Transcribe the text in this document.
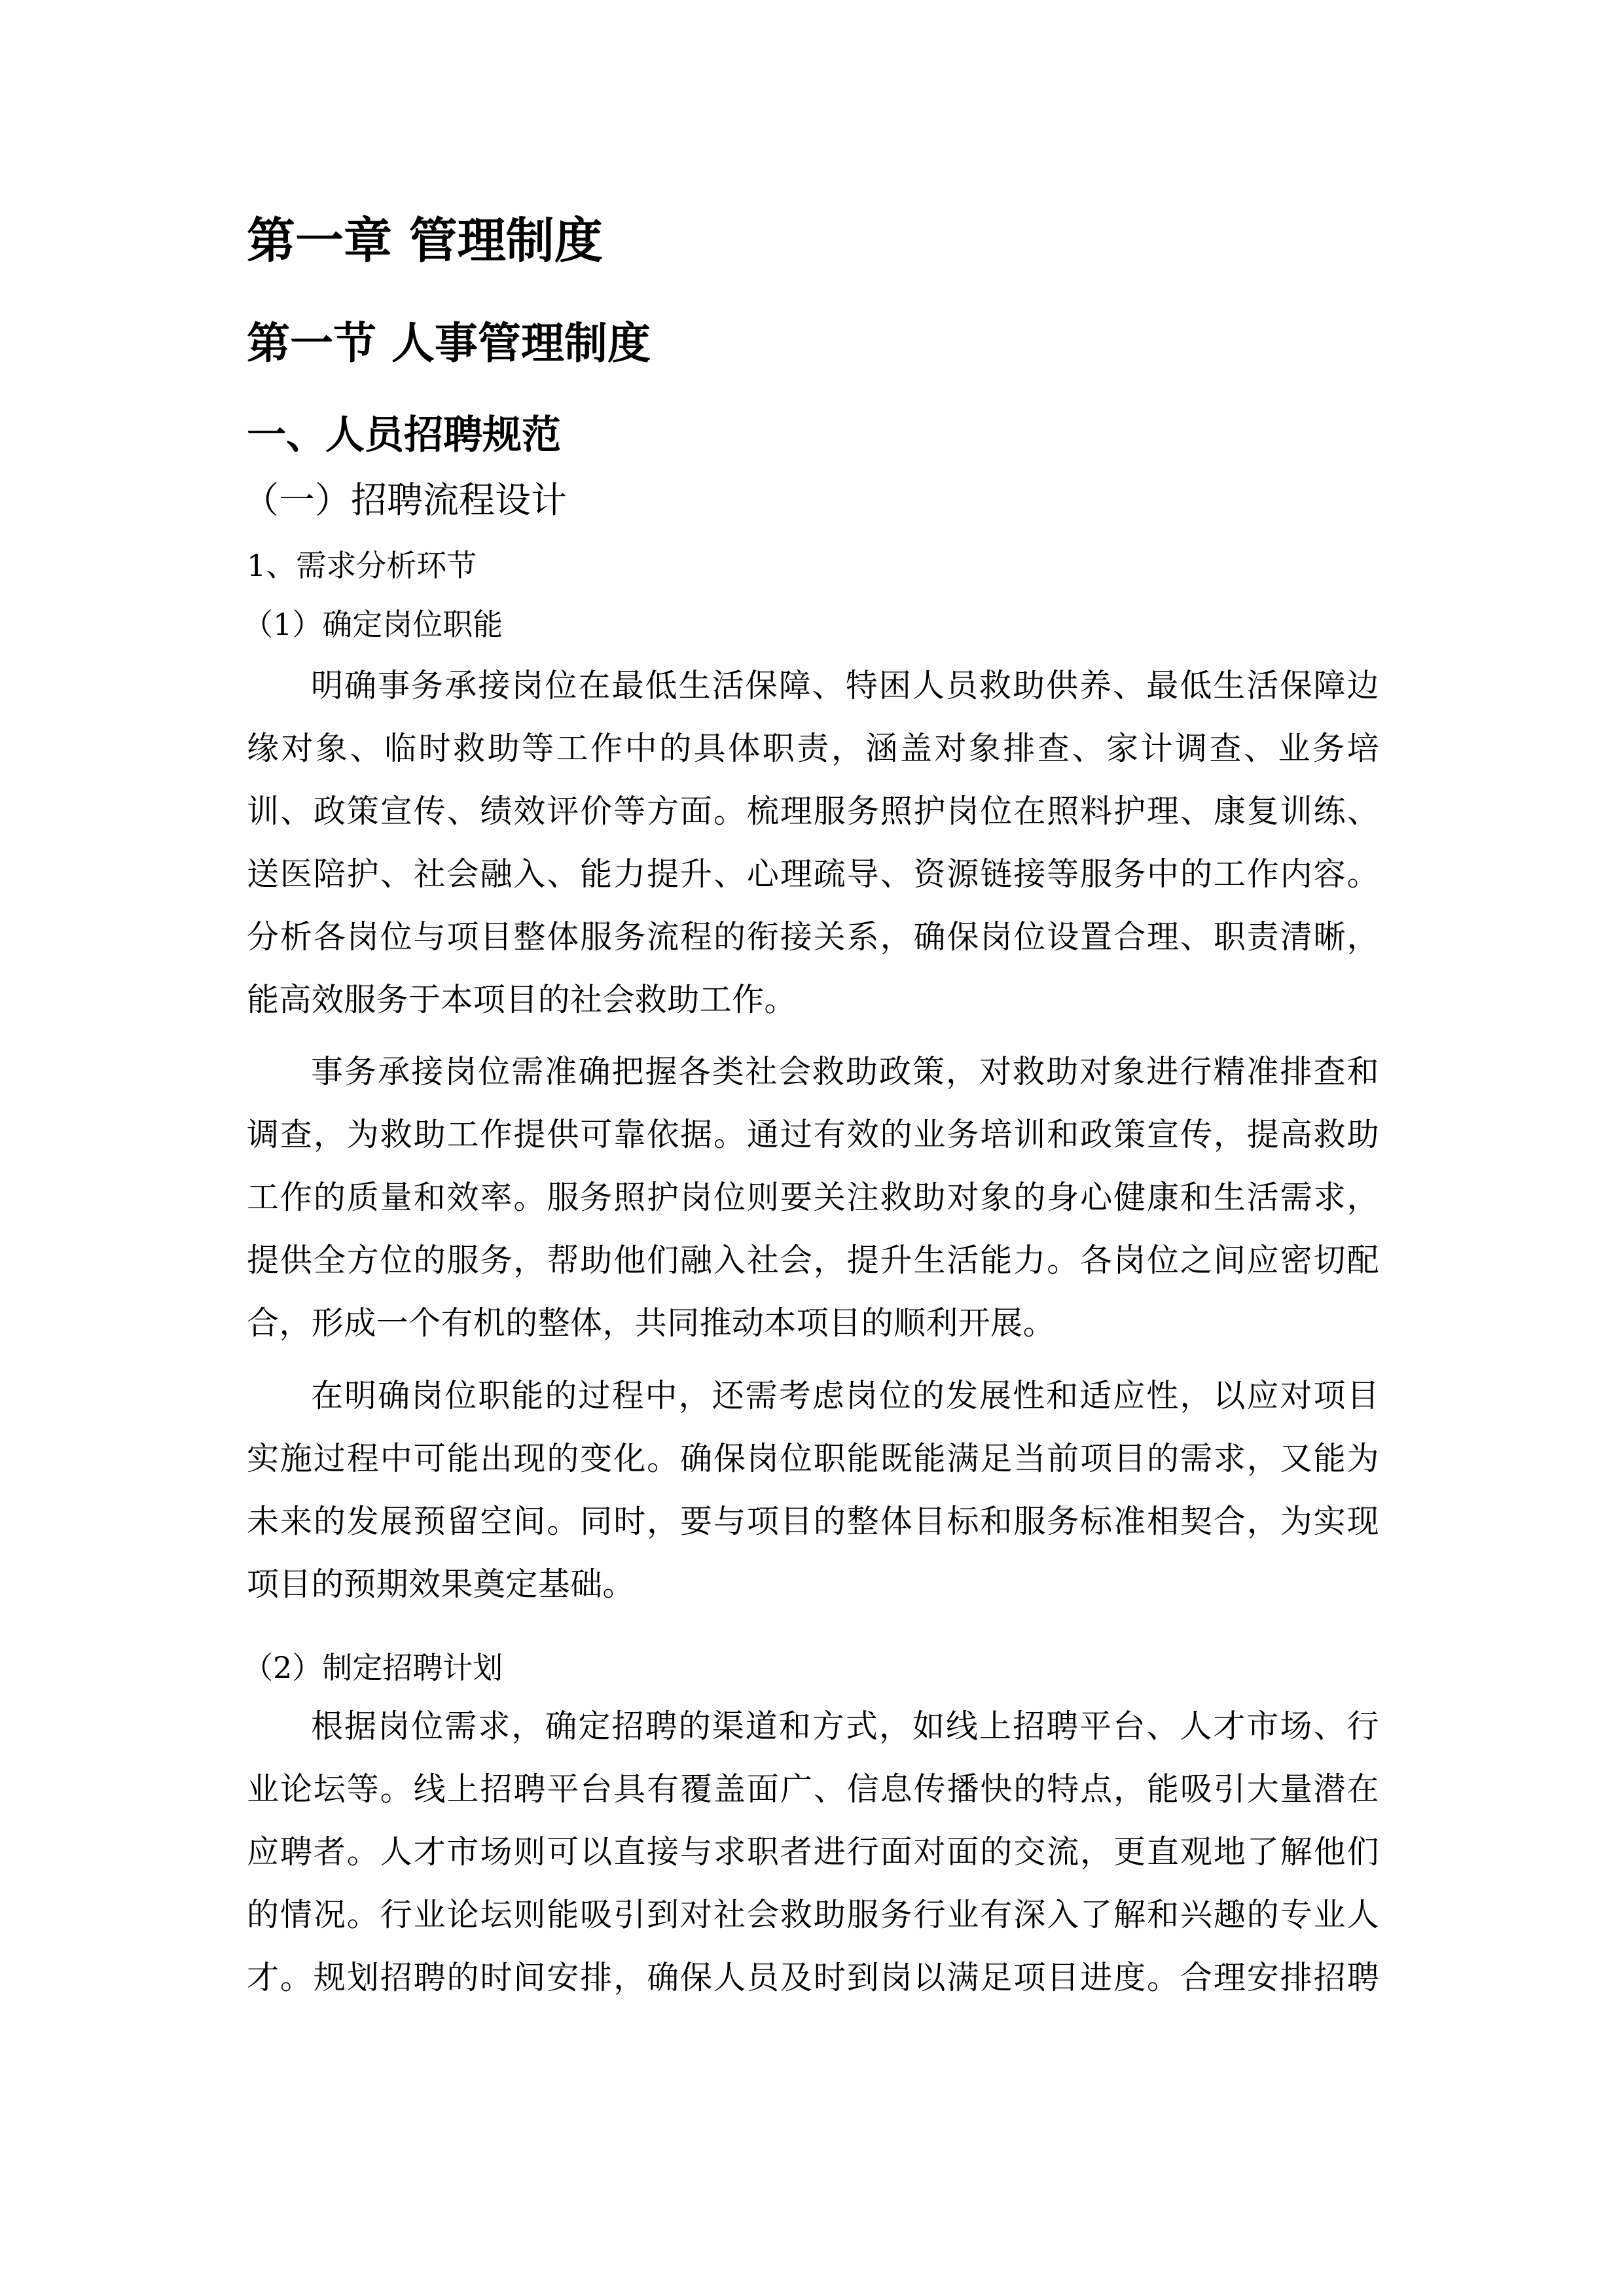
第一章 管理制度
第一节 人事管理制度
一、人员招聘规范
（一）招聘流程设计
1、需求分析环节
（1）确定岗位职能
明确事务承接岗位在最低生活保障、特困人员救助供养、最低生活保障边
缘对象、临时救助等工作中的具体职责，涵盖对象排查、家计调查、业务培
训、政策宣传、绩效评价等方面。梳理服务照护岗位在照料护理、康复训练、
送医陪护、社会融入、能力提升、心理疏导、资源链接等服务中的工作内容。
分析各岗位与项目整体服务流程的衔接关系，确保岗位设置合理、职责清晰，
能高效服务于本项目的社会救助工作。
事务承接岗位需准确把握各类社会救助政策，对救助对象进行精准排查和
调查，为救助工作提供可靠依据。通过有效的业务培训和政策宣传，提高救助
工作的质量和效率。服务照护岗位则要关注救助对象的身心健康和生活需求，
提供全方位的服务，帮助他们融入社会，提升生活能力。各岗位之间应密切配
合，形成一个有机的整体，共同推动本项目的顺利开展。
在明确岗位职能的过程中，还需考虑岗位的发展性和适应性，以应对项目
实施过程中可能出现的变化。确保岗位职能既能满足当前项目的需求，又能为
未来的发展预留空间。同时，要与项目的整体目标和服务标准相契合，为实现
项目的预期效果奠定基础。
（2）制定招聘计划
根据岗位需求，确定招聘的渠道和方式，如线上招聘平台、人才市场、行
业论坛等。线上招聘平台具有覆盖面广、信息传播快的特点，能吸引大量潜在
应聘者。人才市场则可以直接与求职者进行面对面的交流，更直观地了解他们
的情况。行业论坛则能吸引到对社会救助服务行业有深入了解和兴趣的专业人
才。规划招聘的时间安排，确保人员及时到岗以满足项目进度。合理安排招聘
